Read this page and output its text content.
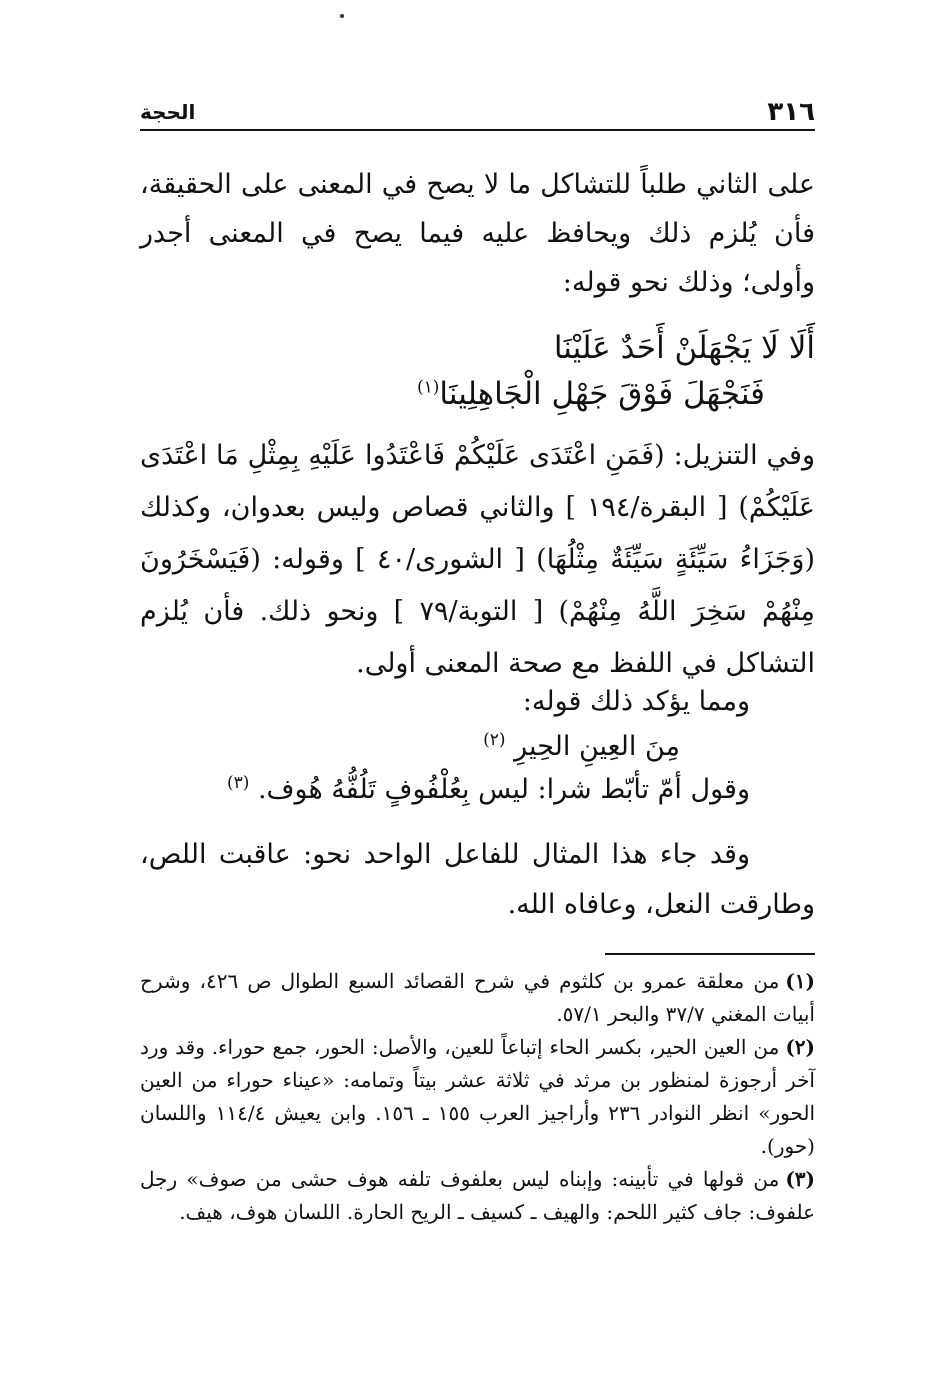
٣١٦
الحجة

على الثاني طلباً للتشاكل ما لا يصح في المعنى على الحقيقة، فأن يُلزم ذلك ويحافظ عليه فيما يصح في المعنى أجدر وأولى؛ وذلك نحو قوله:

أَلَا لَا يَجْهَلَنْ أَحَدٌ عَلَيْنَا
فَنَجْهَلَ فَوْقَ جَهْلِ الْجَاهِلِينَا$^{(١)}$

وفي التنزيل: (فَمَنِ اعْتَدَى عَلَيْكُمْ فَاعْتَدُوا عَلَيْهِ بِمِثْلِ مَا اعْتَدَى عَلَيْكُمْ) [ البقرة/١٩٤ ] والثاني قصاص وليس بعدوان، وكذلك (وَجَزَاءُ سَيِّئَةٍ سَيِّئَةٌ مِثْلُهَا) [ الشورى/٤٠ ] وقوله: (فَيَسْخَرُونَ مِنْهُمْ سَخِرَ اللَّهُ مِنْهُمْ) [ التوبة/٧٩ ] ونحو ذلك. فأن يُلزم التشاكل في اللفظ مع صحة المعنى أولى.

ومما يؤكد ذلك قوله:
مِنَ العِينِ الحِيرِ $^{(٢)}$
وقول أمّ تأبّط شرا: ليس بِعُلْفُوفٍ تَلُفُّهُ هُوف. $^{(٣)}$

وقد جاء هذا المثال للفاعل الواحد نحو: عاقبت اللص، وطارقت النعل، وعافاه الله.

(١)من معلقة عمرو بن كلثوم في شرح القصائد السبع الطوال ص ٤٢٦، وشرح أبيات المغني ٣٧/٧ والبحر ٥٧/١.

(٢)من العين الحير، بكسر الحاء إتباعاً للعين، والأصل: الحور، جمع حوراء. وقد ورد آخر أرجوزة لمنظور بن مرثد في ثلاثة عشر بيتاً وتمامه: «عيناء حوراء من العين الحور» انظر النوادر ٢٣٦ وأراجيز العرب ١٥٥ ـ ١٥٦. وابن يعيش ١١٤/٤ واللسان (حور).

(٣)من قولها في تأبينه: وإبناه ليس بعلفوف تلفه هوف حشى من صوف» رجل علفوف: جاف كثير اللحم: والهيف ـ كسيف ـ الريح الحارة. اللسان هوف، هيف.
